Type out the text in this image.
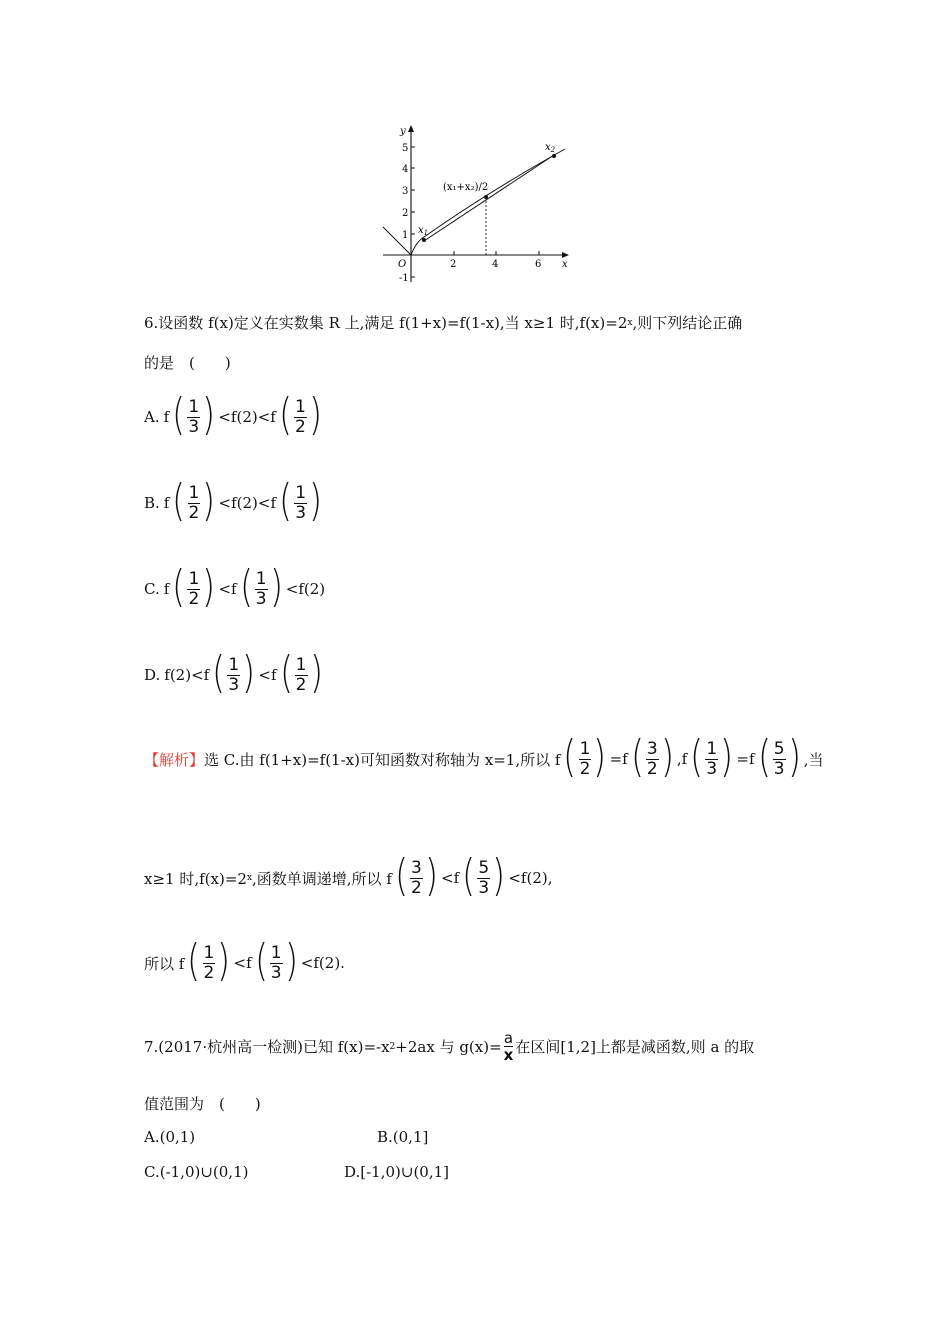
y
x
O
5
4
3
2
1
-1
2	4	6
$x_1$
$x_2$
(x₁+x₂)/2
6.设函数 f(x)定义在实数集 R 上,满足 f(1+x)=f(1-x),当 x≥1 时,f(x)=2 x ,则下列结论正确
的是　(　　)
A. f ( $\frac{1}{3}$ ) <f (2) <f ( $\frac{1}{2}$ )
B. f ( $\frac{1}{2}$ ) <f (2) <f ( $\frac{1}{3}$ )
C. f ( $\frac{1}{2}$ ) <f ( $\frac{1}{3}$ ) <f(2)
D. f (2) <f ( $\frac{1}{3}$ ) <f ( $\frac{1}{2}$ )
【解析】 选 C.由 f(1+x)=f(1-x)可知函数对称轴为 x=1,所以 f ( $\frac{1}{2}$ ) =f ( $\frac{3}{2}$ ) ,f ( $\frac{1}{3}$ ) =f ( $\frac{5}{3}$ ) ,当
x≥1 时,f(x)=2 x ,函数单调递增,所以 f ( $\frac{3}{2}$ ) <f ( $\frac{5}{3}$ ) <f(2),
所以 f ( $\frac{1}{2}$ ) <f ( $\frac{1}{3}$ ) <f(2).
7.(2017·杭州高一检测)已知 f(x)=-x 2 +2ax 与 $g(x)= \frac{a}{x}$ 在区间[1,2]上都是减函数,则 a 的取
值范围为　(　　)
A.(0,1)	B.(0,1]
C.(-1,0)∪(0,1)	D.[-1,0)∪(0,1]
